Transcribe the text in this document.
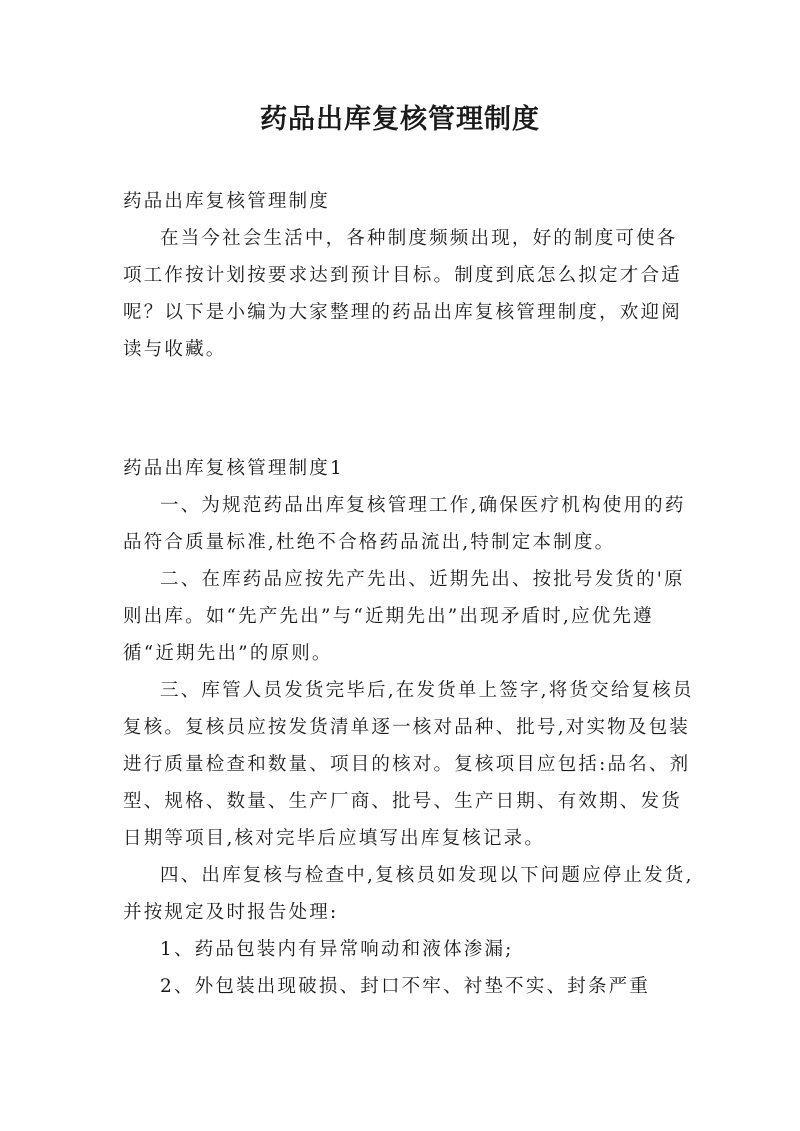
药品出库复核管理制度

药品出库复核管理制度

在当今社会生活中，各种制度频频出现，好的制度可使各项工作按计划按要求达到预计目标。制度到底怎么拟定才合适呢？以下是小编为大家整理的药品出库复核管理制度，欢迎阅读与收藏。

药品出库复核管理制度1

一、为规范药品出库复核管理工作,确保医疗机构使用的药品符合质量标准,杜绝不合格药品流出,特制定本制度。

二、在库药品应按先产先出、近期先出、按批号发货的'原则出库。如“先产先出”与“近期先出”出现矛盾时,应优先遵循“近期先出”的原则。

三、库管人员发货完毕后,在发货单上签字,将货交给复核员复核。复核员应按发货清单逐一核对品种、批号,对实物及包装进行质量检查和数量、项目的核对。复核项目应包括:品名、剂型、规格、数量、生产厂商、批号、生产日期、有效期、发货日期等项目,核对完毕后应填写出库复核记录。

四、出库复核与检查中,复核员如发现以下问题应停止发货,并按规定及时报告处理:

1、药品包装内有异常响动和液体渗漏;

2、外包装出现破损、封口不牢、衬垫不实、封条严重
